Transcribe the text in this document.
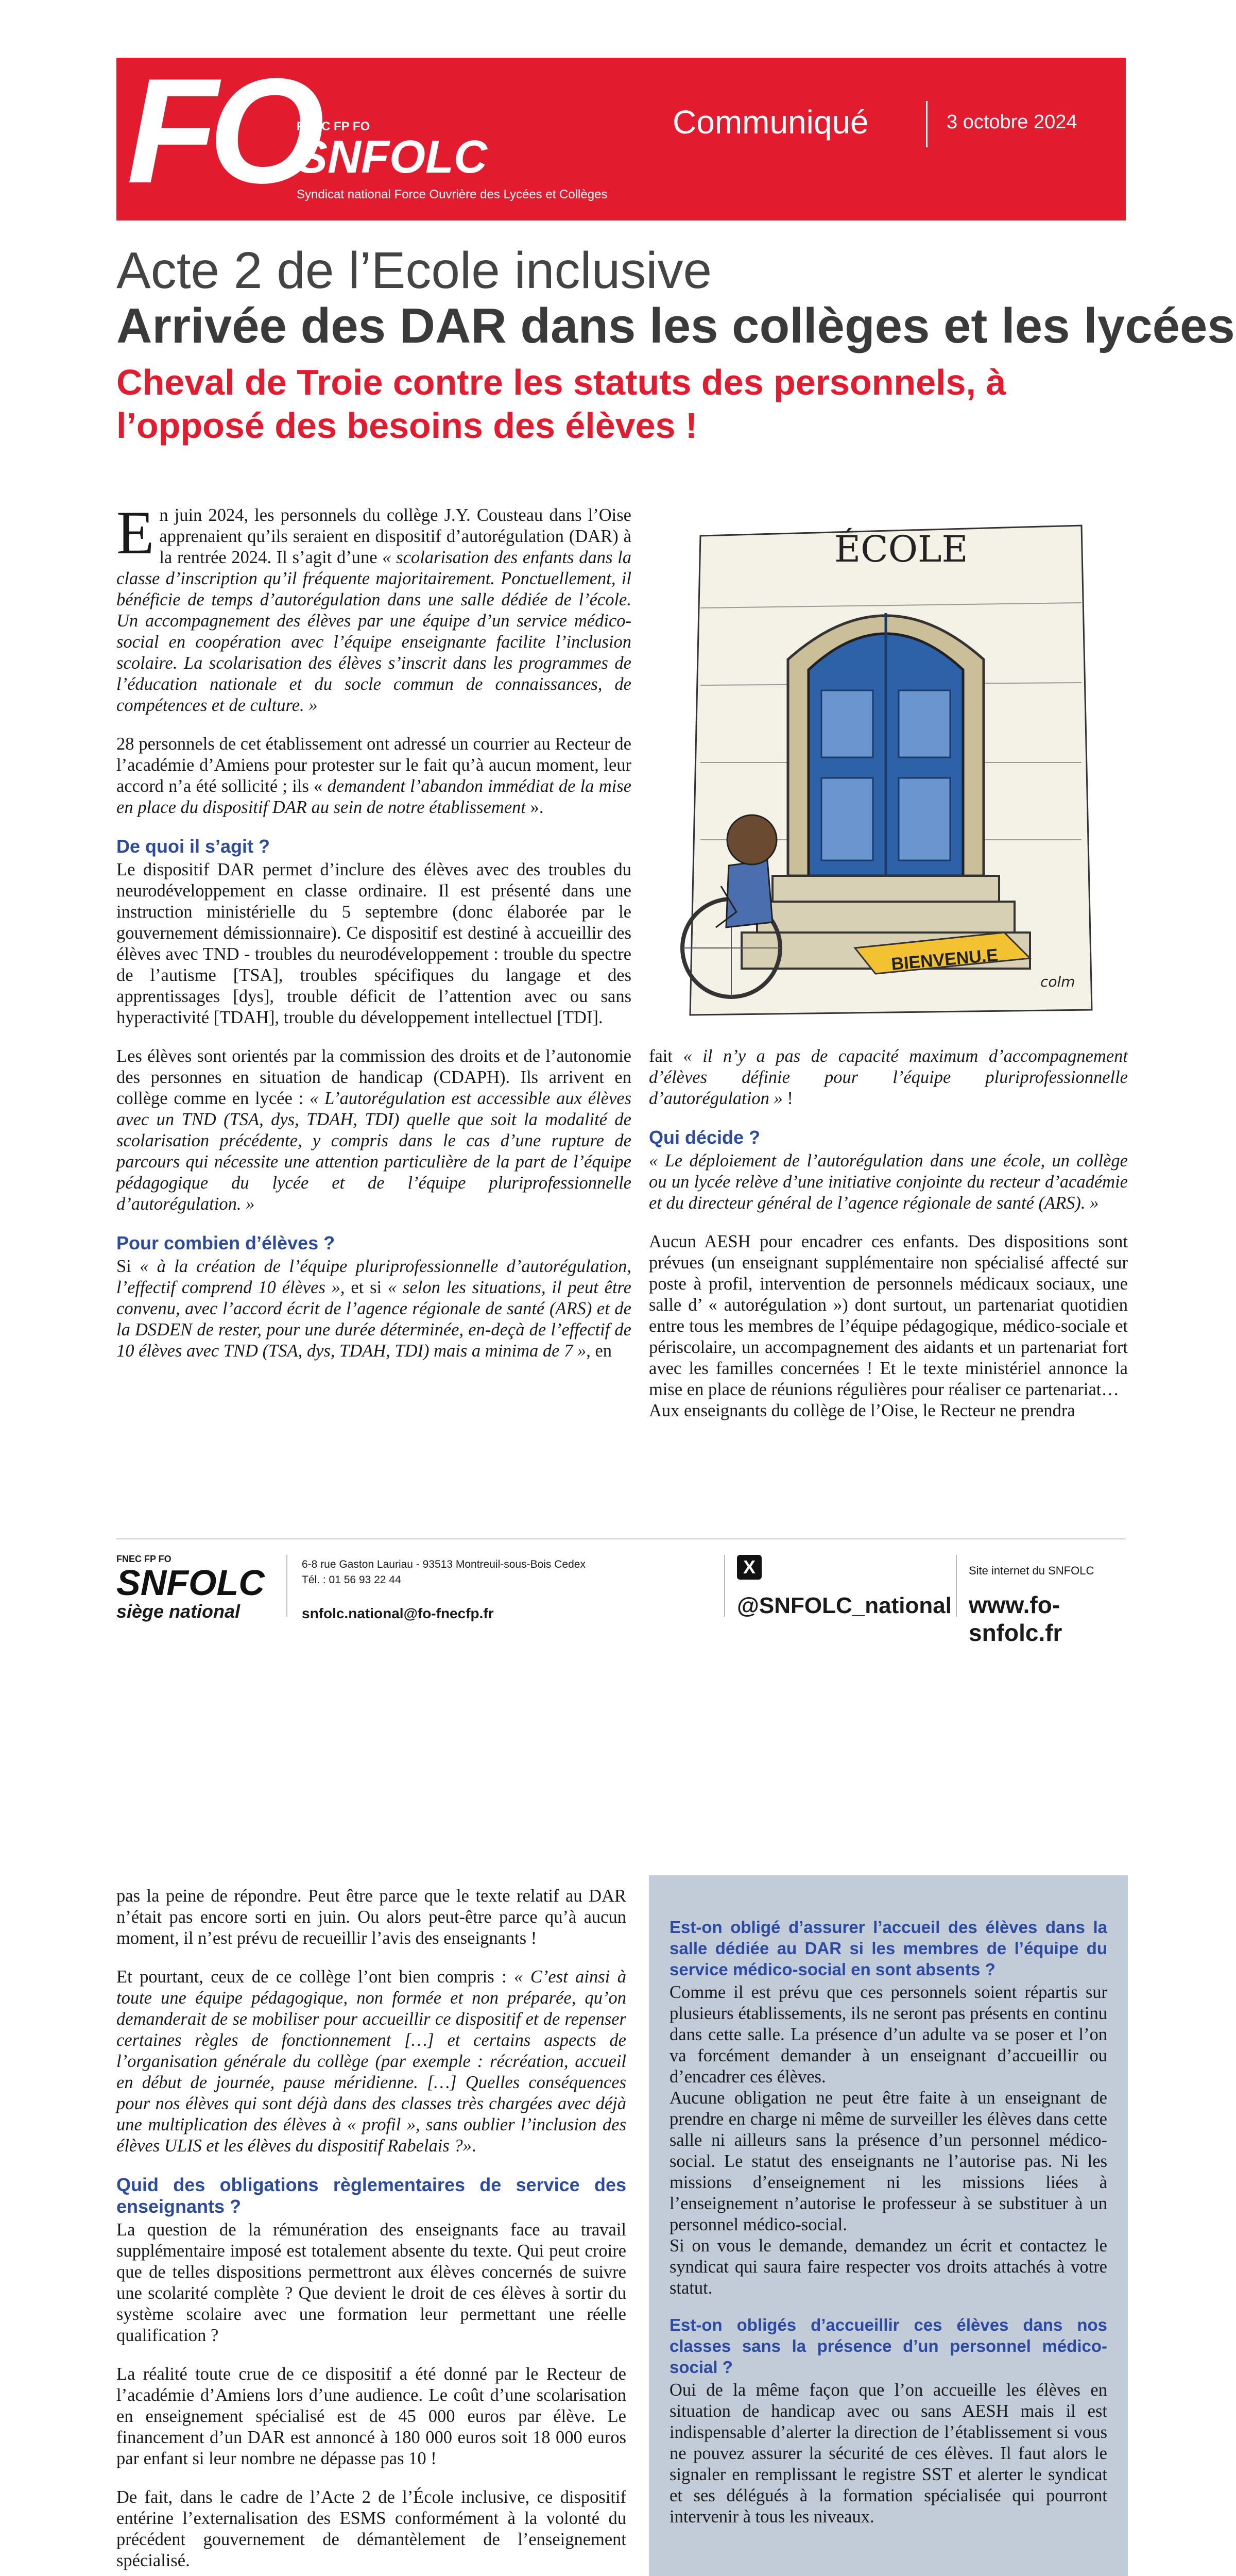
FO
FNEC FP FO
SNFOLC
Syndicat national Force Ouvrière des Lycées et Collèges
Communiqué	3 octobre 2024
Acte 2 de l’Ecole inclusive
Arrivée des DAR dans les collèges et les lycées
Cheval de Troie contre les statuts des personnels, à l’opposé des besoins des élèves !

En juin 2024, les personnels du collège J.Y. Cousteau dans l’Oise apprenaient qu’ils seraient en dispositif d’autorégulation (DAR) à la rentrée 2024. Il s’agit d’une « scolarisation des enfants dans la classe d’inscription qu’il fréquente majoritairement. Ponctuellement, il bénéficie de temps d’autorégulation dans une salle dédiée de l’école. Un accompagnement des élèves par une équipe d’un service médico-social en coopération avec l’équipe enseignante facilite l’inclusion scolaire. La scolarisation des élèves s’inscrit dans les programmes de l’éducation nationale et du socle commun de connaissances, de compétences et de culture. »

28 personnels de cet établissement ont adressé un courrier au Recteur de l’académie d’Amiens pour protester sur le fait qu’à aucun moment, leur accord n’a été sollicité ; ils « demandent l’abandon immédiat de la mise en place du dispositif DAR au sein de notre établissement ».

De quoi il s’agit ?

Le dispositif DAR permet d’inclure des élèves avec des troubles du neurodéveloppement en classe ordinaire. Il est présenté dans une instruction ministérielle du 5 septembre (donc élaborée par le gouvernement démissionnaire). Ce dispositif est destiné à accueillir des élèves avec TND - troubles du neurodéveloppement : trouble du spectre de l’autisme [TSA], troubles spécifiques du langage et des apprentissages [dys], trouble déficit de l’attention avec ou sans hyperactivité [TDAH], trouble du développement intellectuel [TDI].

Les élèves sont orientés par la commission des droits et de l’autonomie des personnes en situation de handicap (CDAPH). Ils arrivent en collège comme en lycée : « L’autorégulation est accessible aux élèves avec un TND (TSA, dys, TDAH, TDI) quelle que soit la modalité de scolarisation précédente, y compris dans le cas d’une rupture de parcours qui nécessite une attention particulière de la part de l’équipe pédagogique du lycée et de l’équipe pluriprofessionnelle d’autorégulation. »

Pour combien d’élèves ?

Si « à la création de l’équipe pluriprofessionnelle d’autorégulation, l’effectif comprend 10 élèves », et si « selon les situations, il peut être convenu, avec l’accord écrit de l’agence régionale de santé (ARS) et de la DSDEN de rester, pour une durée déterminée, en-deçà de l’effectif de 10 élèves avec TND (TSA, dys, TDAH, TDI) mais a minima de 7 », en

ÉCOLE
BIENVENU.E
colm

fait « il n’y a pas de capacité maximum d’accompagnement d’élèves définie pour l’équipe pluriprofessionnelle d’autorégulation » !

Qui décide ?

« Le déploiement de l’autorégulation dans une école, un collège ou un lycée relève d’une initiative conjointe du recteur d’académie et du directeur général de l’agence régionale de santé (ARS). »

Aucun AESH pour encadrer ces enfants. Des dispositions sont prévues (un enseignant supplémentaire non spécialisé affecté sur poste à profil, intervention de personnels médicaux sociaux, une salle d’ « autorégulation ») dont surtout, un partenariat quotidien entre tous les membres de l’équipe pédagogique, médico-sociale et périscolaire, un accompagnement des aidants et un partenariat fort avec les familles concernées ! Et le texte ministériel annonce la mise en place de réunions régulières pour réaliser ce partenariat…

Aux enseignants du collège de l’Oise, le Recteur ne prendra

FNEC FP FO
SNFOLC
siège national
6-8 rue Gaston Lauriau - 93513 Montreuil-sous-Bois Cedex
Tél. : 01 56 93 22 44
snfolc.national@fo-fnecfp.fr
X
@SNFOLC_national
Site internet du SNFOLC
www.fo-snfolc.fr

pas la peine de répondre. Peut être parce que le texte relatif au DAR n’était pas encore sorti en juin. Ou alors peut-être parce qu’à aucun moment, il n’est prévu de recueillir l’avis des enseignants !

Et pourtant, ceux de ce collège l’ont bien compris : « C’est ainsi à toute une équipe pédagogique, non formée et non préparée, qu’on demanderait de se mobiliser pour accueillir ce dispositif et de repenser certaines règles de fonctionnement […] et certains aspects de l’organisation générale du collège (par exemple : récréation, accueil en début de journée, pause méridienne. […] Quelles conséquences pour nos élèves qui sont déjà dans des classes très chargées avec déjà une multiplication des élèves à « profil », sans oublier l’inclusion des élèves ULIS et les élèves du dispositif Rabelais ?».

Quid des obligations règlementaires de service des enseignants ?

La question de la rémunération des enseignants face au travail supplémentaire imposé est totalement absente du texte. Qui peut croire que de telles dispositions permettront aux élèves concernés de suivre une scolarité complète ? Que devient le droit de ces élèves à sortir du système scolaire avec une formation leur permettant une réelle qualification ?

La réalité toute crue de ce dispositif a été donné par le Recteur de l’académie d’Amiens lors d’une audience. Le coût d’une scolarisation en enseignement spécialisé est de 45 000 euros par élève. Le financement d’un DAR est annoncé à 180 000 euros soit 18 000 euros par enfant si leur nombre ne dépasse pas 10 !

De fait, dans le cadre de l’Acte 2 de l’École inclusive, ce dispositif entérine l’externalisation des ESMS conformément à la volonté du précédent gouvernement de démantèlement de l’enseignement spécialisé.

Est-on obligé d’assurer l’accueil des élèves dans la salle dédiée au DAR si les membres de l’équipe du service médico-social en sont absents ?

Comme il est prévu que ces personnels soient répartis sur plusieurs établissements, ils ne seront pas présents en continu dans cette salle. La présence d’un adulte va se poser et l’on va forcément demander à un enseignant d’accueillir ou d’encadrer ces élèves.

Aucune obligation ne peut être faite à un enseignant de prendre en charge ni même de surveiller les élèves dans cette salle ni ailleurs sans la présence d’un personnel médico-social. Le statut des enseignants ne l’autorise pas. Ni les missions d’enseignement ni les missions liées à l’enseignement n’autorise le professeur à se substituer à un personnel médico-social.

Si on vous le demande, demandez un écrit et contactez le syndicat qui saura faire respecter vos droits attachés à votre statut.

Est-on obligés d’accueillir ces élèves dans nos classes sans la présence d’un personnel médico-social ?

Oui de la même façon que l’on accueille les élèves en situation de handicap avec ou sans AESH mais il est indispensable d’alerter la direction de l’établissement si vous ne pouvez assurer la sécurité de ces élèves. Il faut alors le signaler en remplissant le registre SST et alerter le syndicat et ses délégués à la formation spécialisée qui pourront intervenir à tous les niveaux.
